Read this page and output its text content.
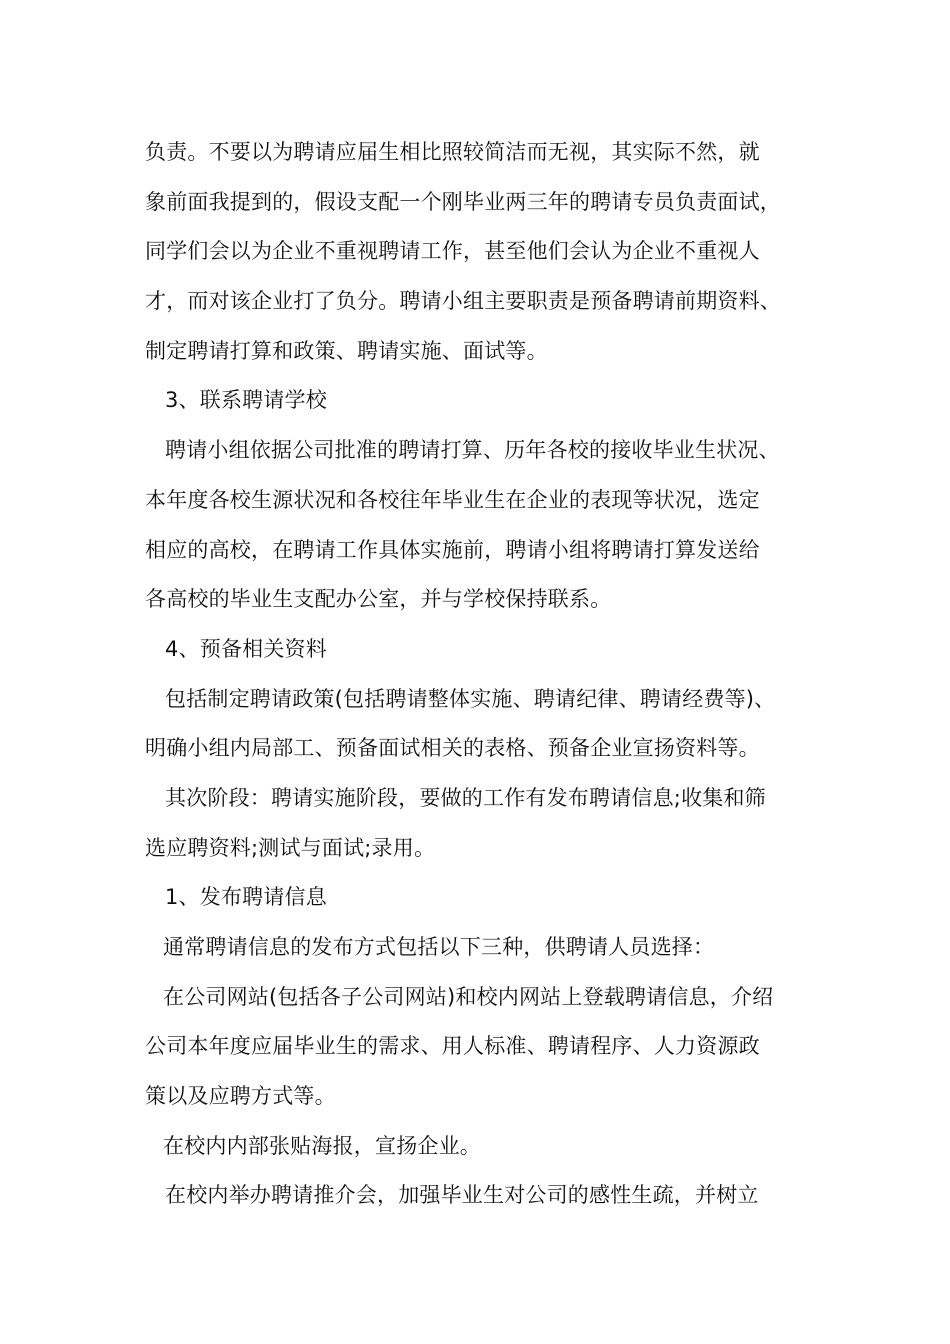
负责。不要以为聘请应届生相比照较简洁而无视，其实际不然，就
象前面我提到的，假设支配一个刚毕业两三年的聘请专员负责面试，
同学们会以为企业不重视聘请工作，甚至他们会认为企业不重视人
才，而对该企业打了负分。聘请小组主要职责是预备聘请前期资料、
制定聘请打算和政策、聘请实施、面试等。
3、联系聘请学校
聘请小组依据公司批准的聘请打算、历年各校的接收毕业生状况、
本年度各校生源状况和各校往年毕业生在企业的表现等状况，选定
相应的高校，在聘请工作具体实施前，聘请小组将聘请打算发送给
各高校的毕业生支配办公室，并与学校保持联系。
4、预备相关资料
包括制定聘请政策(包括聘请整体实施、聘请纪律、聘请经费等)、
明确小组内局部工、预备面试相关的表格、预备企业宣扬资料等。
其次阶段：聘请实施阶段，要做的工作有发布聘请信息;收集和筛
选应聘资料;测试与面试;录用。
1、发布聘请信息
通常聘请信息的发布方式包括以下三种，供聘请人员选择：
在公司网站(包括各子公司网站)和校内网站上登载聘请信息，介绍
公司本年度应届毕业生的需求、用人标准、聘请程序、人力资源政
策以及应聘方式等。
在校内内部张贴海报，宣扬企业。
在校内举办聘请推介会，加强毕业生对公司的感性生疏，并树立
